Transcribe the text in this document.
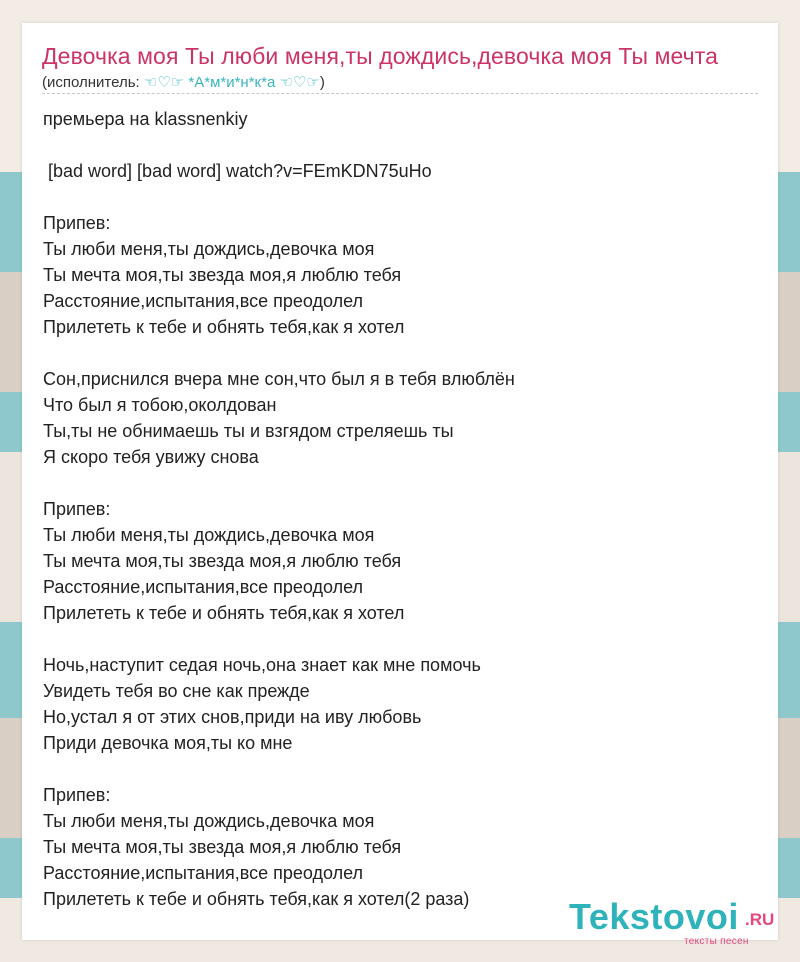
Девочка моя Ты люби меня,ты дождись,девочка моя Ты мечта
(исполнитель: ☜♡☞ *А*м*и*н*к*а ☜♡☞)
премьера на klassnenkiy

[bad word] [bad word] watch?v=FEmKDN75uHo

Припев:
Ты люби меня,ты дождись,девочка моя
Ты мечта моя,ты звезда моя,я люблю тебя
Расстояние,испытания,все преодолел
Прилететь к тебе и обнять тебя,как я хотел

Сон,приснился вчера мне сон,что был я в тебя влюблён
Что был я тобою,околдован
Ты,ты не обнимаешь ты и взгядом стреляешь ты
Я скоро тебя увижу снова

Припев:
Ты люби меня,ты дождись,девочка моя
Ты мечта моя,ты звезда моя,я люблю тебя
Расстояние,испытания,все преодолел
Прилететь к тебе и обнять тебя,как я хотел

Ночь,наступит седая ночь,она знает как мне помочь
Увидеть тебя во сне как прежде
Но,устал я от этих снов,приди на иву любовь
Приди девочка моя,ты ко мне

Припев:
Ты люби меня,ты дождись,девочка моя
Ты мечта моя,ты звезда моя,я люблю тебя
Расстояние,испытания,все преодолел
Прилететь к тебе и обнять тебя,как я хотел(2 раза)	Tekstovoi .RU
тексты песен
